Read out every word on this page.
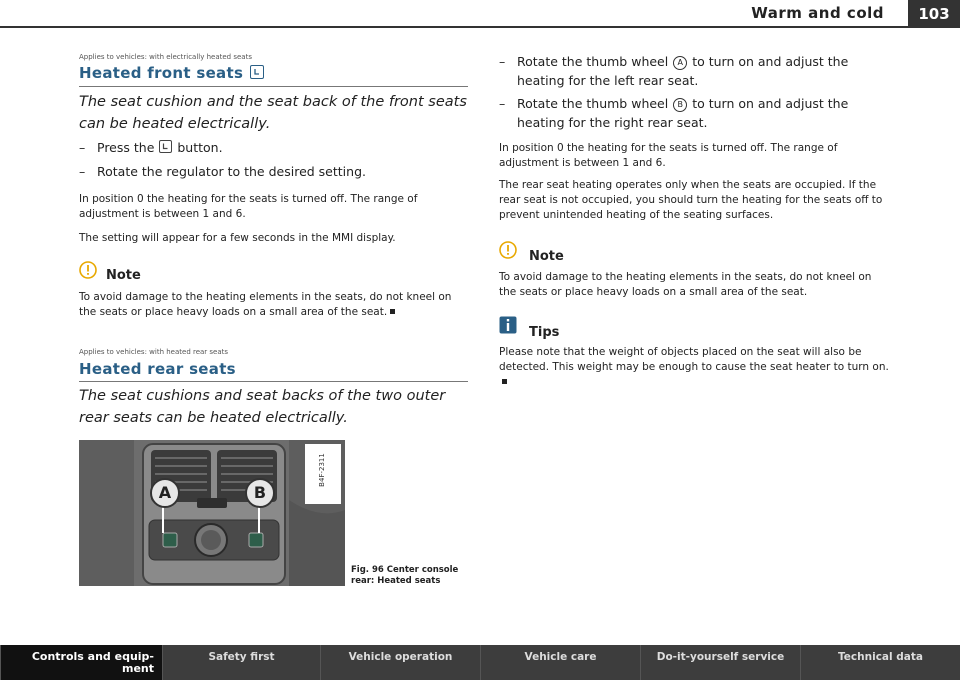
Warm and cold	103
Applies to vehicles: with electrically heated seats
Heated front seats
The seat cushion and the seat back of the front seats can be heated electrically.
– Press the button.
– Rotate the regulator to the desired setting.
In position 0 the heating for the seats is turned off. The range of adjustment is between 1 and 6.
The setting will appear for a few seconds in the MMI display.
Note
To avoid damage to the heating elements in the seats, do not kneel on the seats or place heavy loads on a small area of the seat.
Applies to vehicles: with heated rear seats
Heated rear seats
The seat cushions and seat backs of the two outer rear seats can be heated electrically.
A	B
B4F-2311
Fig. 96 Center console
rear: Heated seats
– Rotate the thumb wheel A to turn on and adjust the heating for the left rear seat.
– Rotate the thumb wheel B to turn on and adjust the heating for the right rear seat.
In position 0 the heating for the seats is turned off. The range of adjustment is between 1 and 6.
The rear seat heating operates only when the seats are occupied. If the rear seat is not occupied, you should turn the heating for the seats off to prevent unintended heating of the seating surfaces.
Note
To avoid damage to the heating elements in the seats, do not kneel on the seats or place heavy loads on a small area of the seat.
Tips
Please note that the weight of objects placed on the seat will also be detected. This weight may be enough to cause the seat heater to turn on.
Controls and equip- ment
Safety first	Vehicle operation	Vehicle care	Do-it-yourself service	Technical data
